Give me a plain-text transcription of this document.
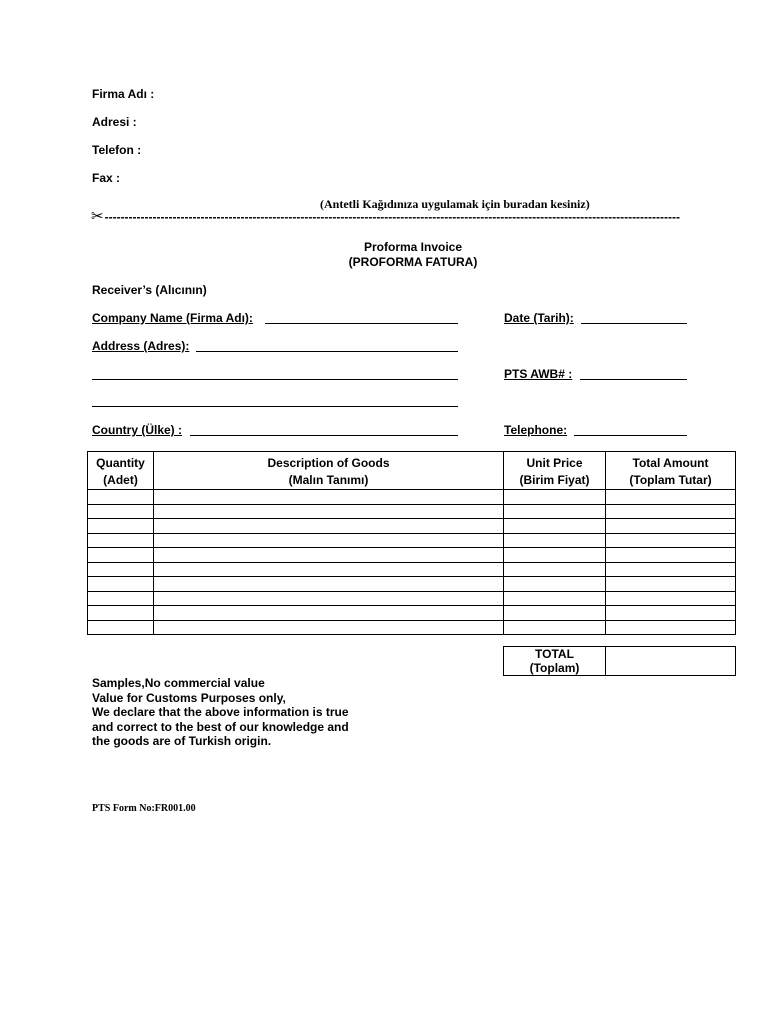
Firma Adı :
Adresi :
Telefon :
Fax :
(Antetli Kağıdınıza uygulamak için buradan kesiniz)
✂------------------------------------------------------------------------------------------------------------------------------------------------
Proforma Invoice
(PROFORMA FATURA)
Receiver’s (Alıcının)
Company Name (Firma Adı):	Date (Tarih):
Address (Adres):
PTS AWB# :
Country (Ülke) :	Telephone:
Quantity	Description of Goods	Unit Price	Total Amount
(Adet)	(Malın Tanımı)	(Birim Fiyat)	(Toplam Tutar)

TOTAL
(Toplam)
Samples,No commercial value
Value for Customs Purposes only,
We declare that the above information is true
and correct to the best of our knowledge and
the goods are of Turkish origin.
PTS Form No:FR001.00
